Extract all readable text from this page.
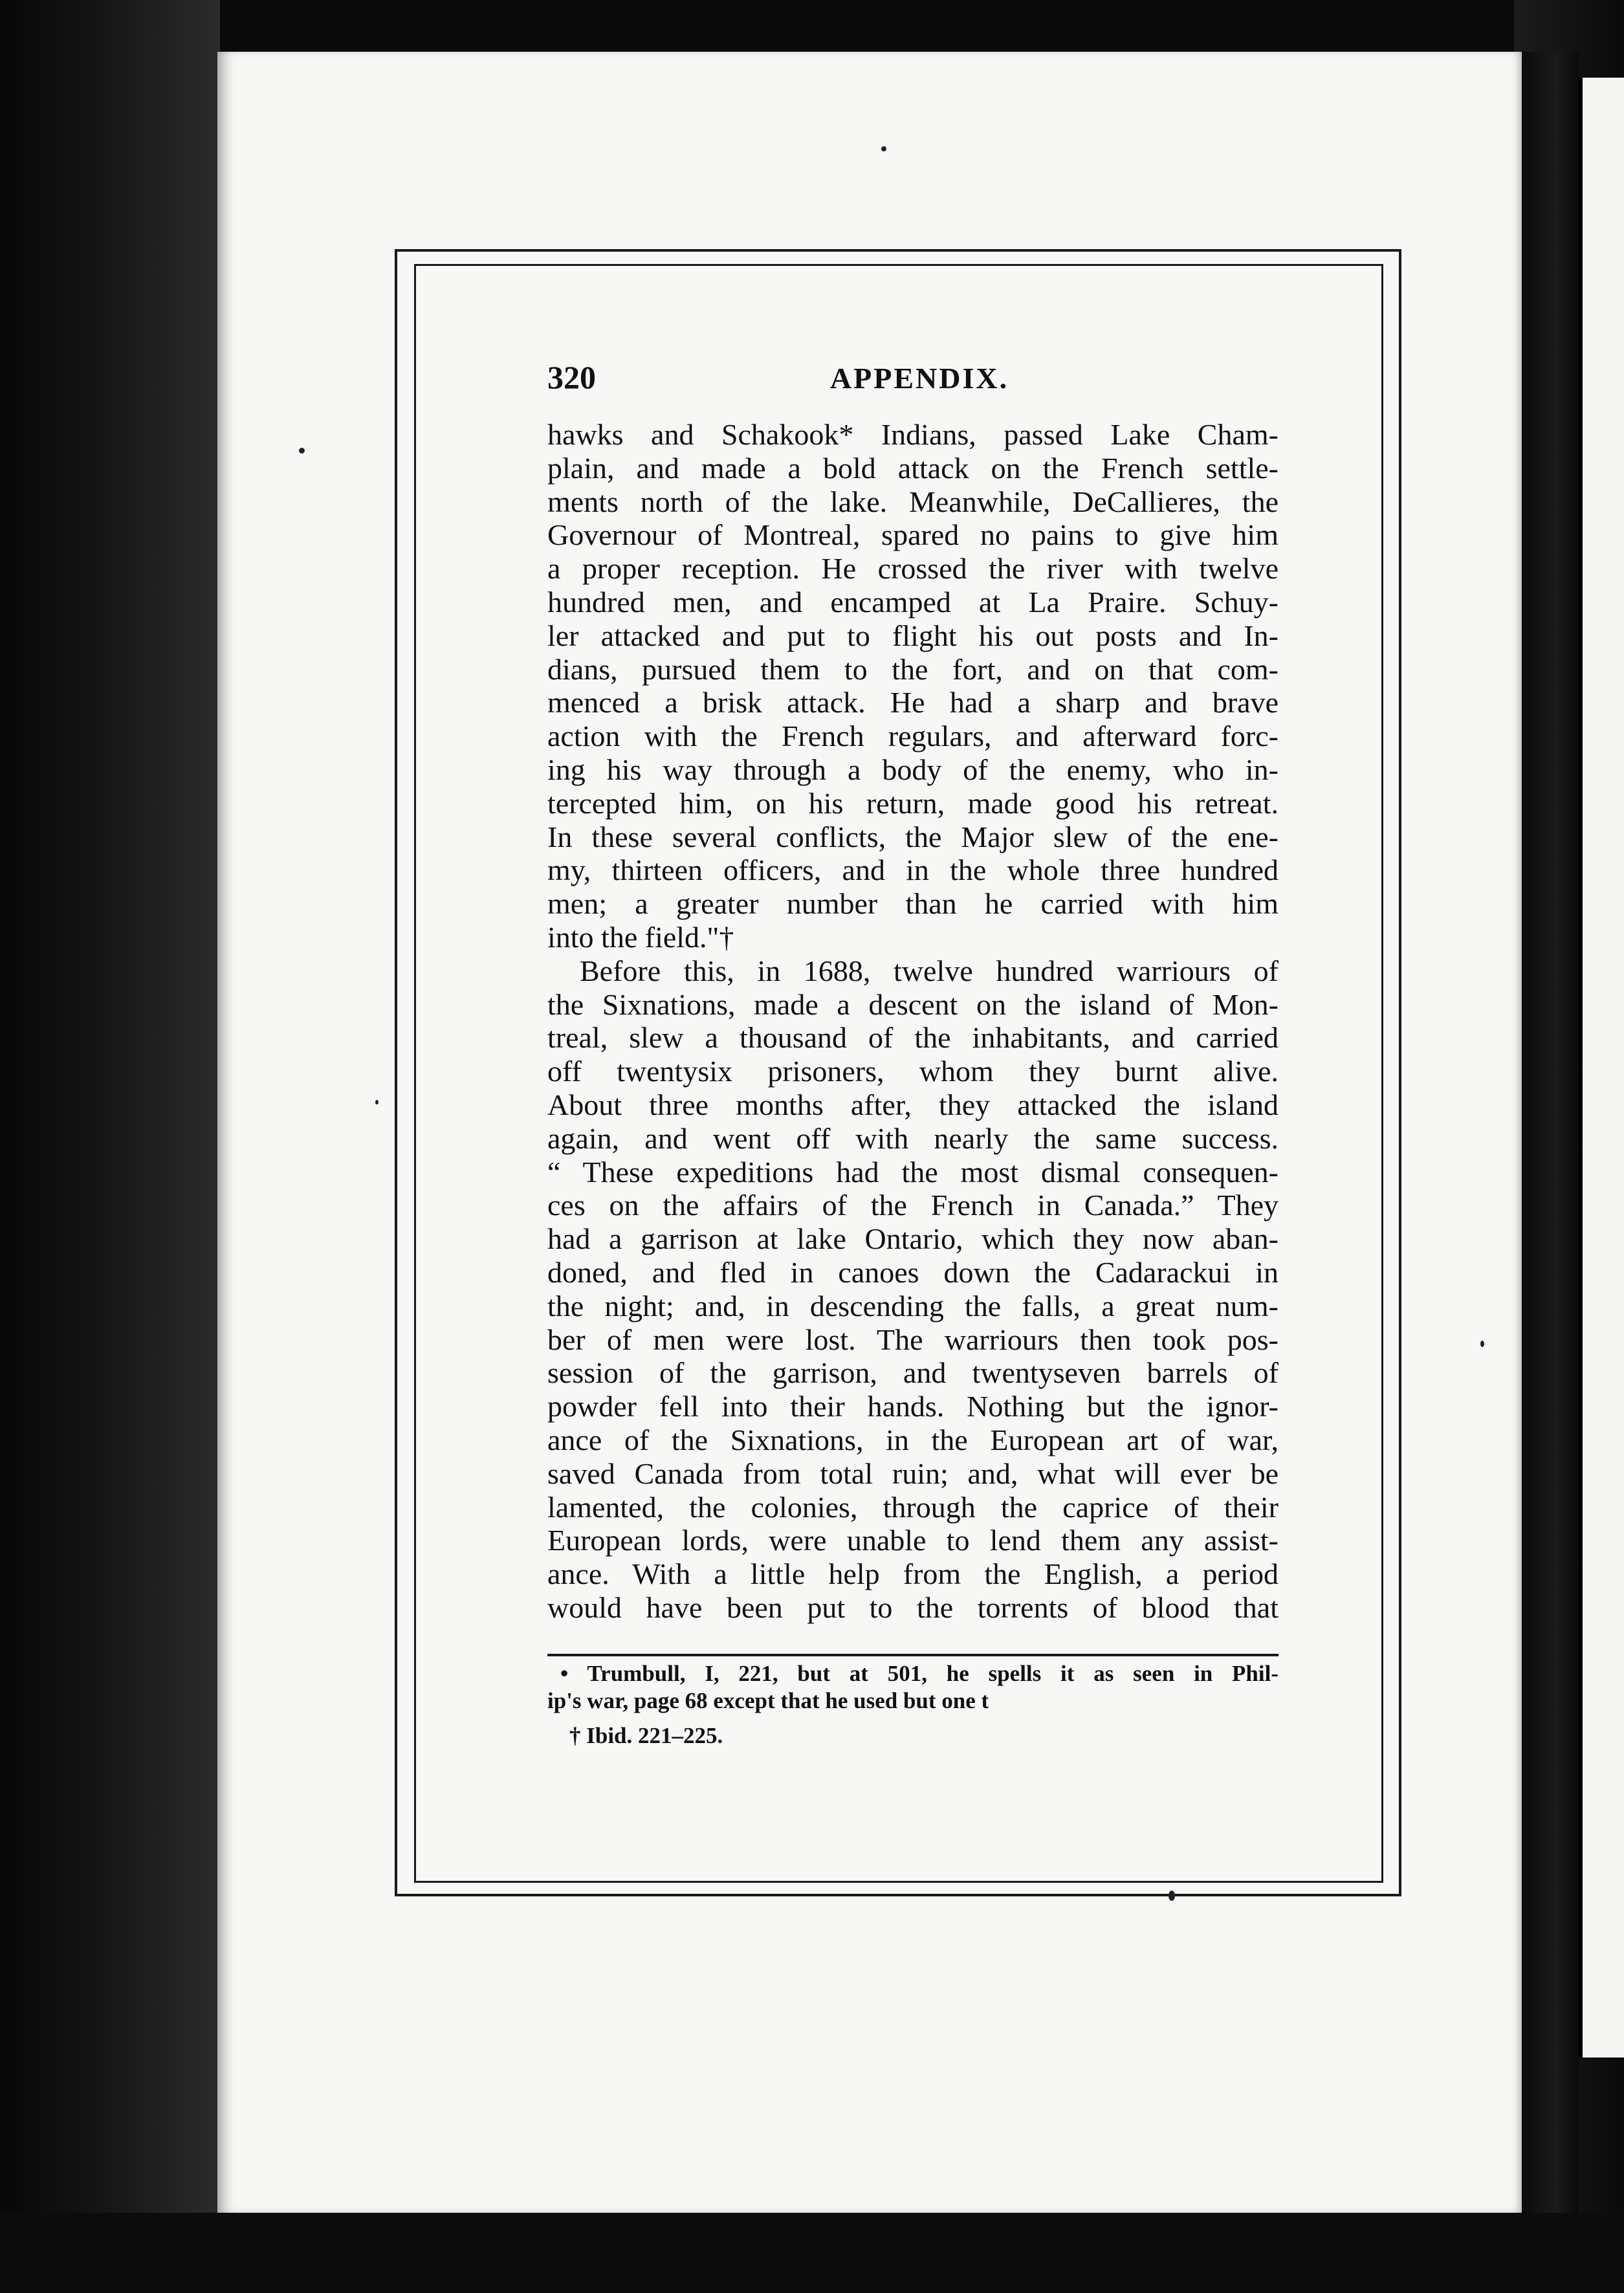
320	APPENDIX.
hawks and Schakook* Indians, passed Lake Cham-
plain, and made a bold attack on the French settle-
ments north of the lake. Meanwhile, DeCallieres, the
Governour of Montreal, spared no pains to give him
a proper reception. He crossed the river with twelve
hundred men, and encamped at La Praire. Schuy-
ler attacked and put to flight his out posts and In-
dians, pursued them to the fort, and on that com-
menced a brisk attack. He had a sharp and brave
action with the French regulars, and afterward forc-
ing his way through a body of the enemy, who in-
tercepted him, on his return, made good his retreat.
In these several conflicts, the Major slew of the ene-
my, thirteen officers, and in the whole three hundred
men; a greater number than he carried with him
into the field."†
Before this, in 1688, twelve hundred warriours of
the Sixnations, made a descent on the island of Mon-
treal, slew a thousand of the inhabitants, and carried
off twentysix prisoners, whom they burnt alive.
About three months after, they attacked the island
again, and went off with nearly the same success.
“ These expeditions had the most dismal consequen-
ces on the affairs of the French in Canada.” They
had a garrison at lake Ontario, which they now aban-
doned, and fled in canoes down the Cadarackui in
the night; and, in descending the falls, a great num-
ber of men were lost. The warriours then took pos-
session of the garrison, and twentyseven barrels of
powder fell into their hands. Nothing but the ignor-
ance of the Sixnations, in the European art of war,
saved Canada from total ruin; and, what will ever be
lamented, the colonies, through the caprice of their
European lords, were unable to lend them any assist-
ance. With a little help from the English, a period
would have been put to the torrents of blood that
• Trumbull, I, 221, but at 501, he spells it as seen in Phil-
ip's war, page 68 except that he used but one t
† Ibid. 221–225.
